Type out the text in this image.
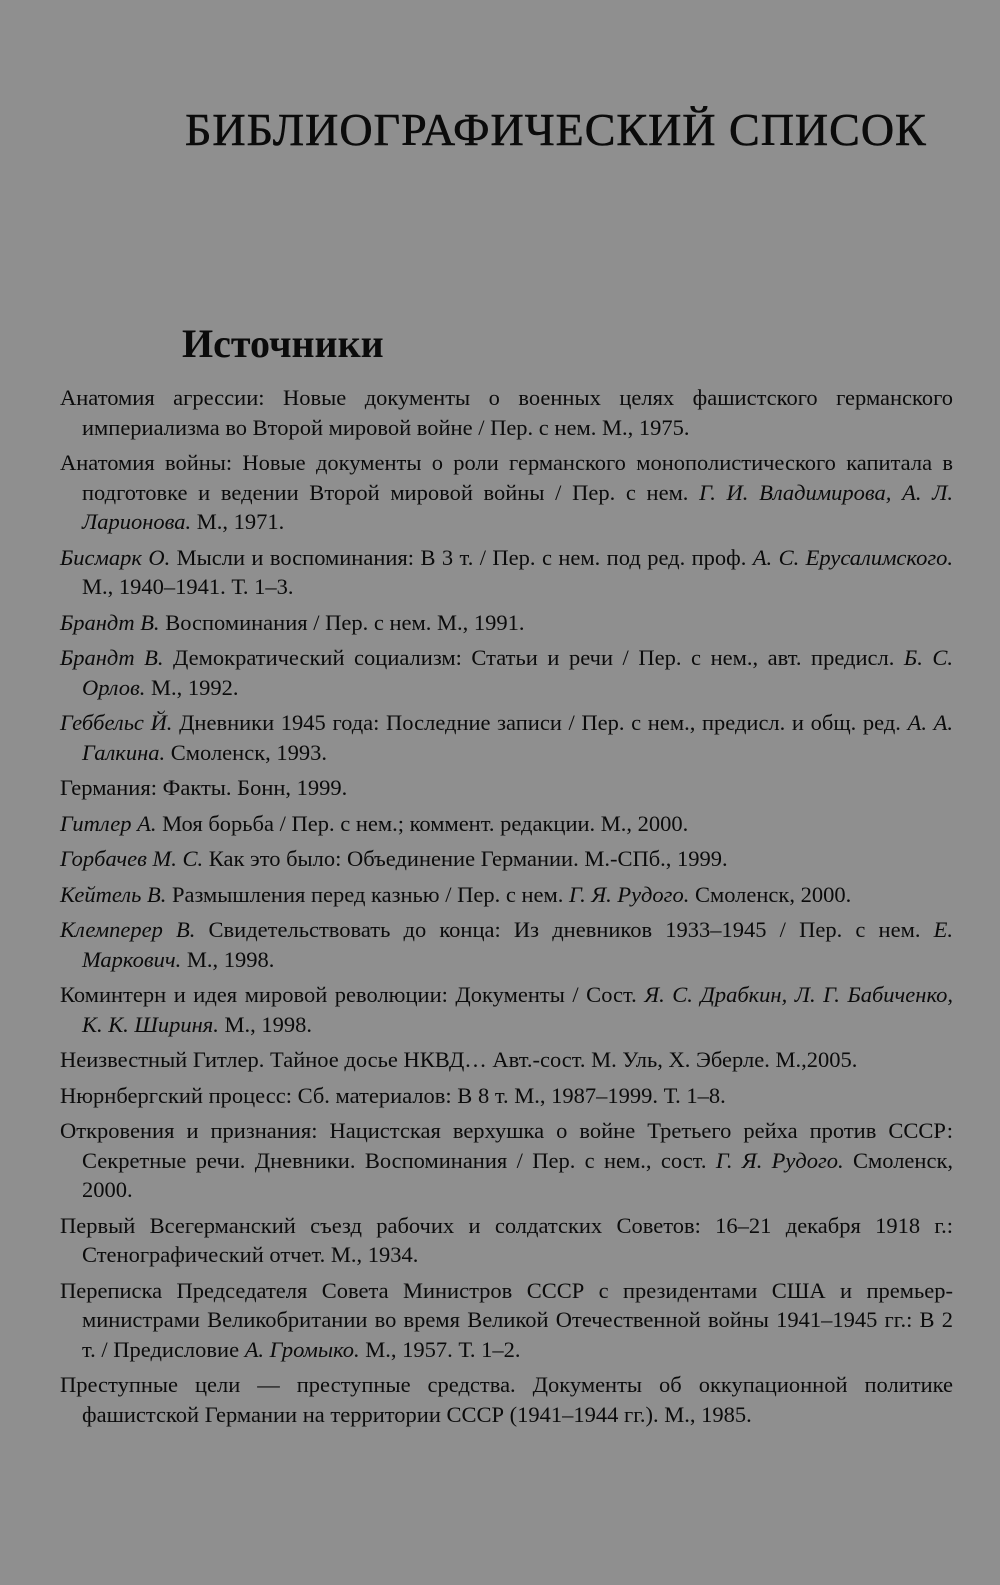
БИБЛИОГРАФИЧЕСКИЙ СПИСОК
Источники
Анатомия агрессии: Новые документы о военных целях фашистского германского империализма во Второй мировой войне / Пер. с нем. М., 1975.
Анатомия войны: Новые документы о роли германского монополистического капитала в подготовке и ведении Второй мировой войны / Пер. с нем. Г. И. Владимирова, А. Л. Ларионова. М., 1971.
Бисмарк О. Мысли и воспоминания: В 3 т. / Пер. с нем. под ред. проф. А. С. Ерусалимского. М., 1940–1941. Т. 1–3.
Брандт В. Воспоминания / Пер. с нем. М., 1991.
Брандт В. Демократический социализм: Статьи и речи / Пер. с нем., авт. предисл. Б. С. Орлов. М., 1992.
Геббельс Й. Дневники 1945 года: Последние записи / Пер. с нем., предисл. и общ. ред. А. А. Галкина. Смоленск, 1993.
Германия: Факты. Бонн, 1999.
Гитлер А. Моя борьба / Пер. с нем.; коммент. редакции. М., 2000.
Горбачев М. С. Как это было: Объединение Германии. М.-СПб., 1999.
Кейтель В. Размышления перед казнью / Пер. с нем. Г. Я. Рудого. Смоленск, 2000.
Клемперер В. Свидетельствовать до конца: Из дневников 1933–1945 / Пер. с нем. Е. Маркович. М., 1998.
Коминтерн и идея мировой революции: Документы / Сост. Я. С. Драбкин, Л. Г. Бабиченко, К. К. Шириня. М., 1998.
Неизвестный Гитлер. Тайное досье НКВД… Авт.-сост. М. Уль, Х. Эберле. М.,2005.
Нюрнбергский процесс: Сб. материалов: В 8 т. М., 1987–1999. Т. 1–8.
Откровения и признания: Нацистская верхушка о войне Третьего рейха против СССР: Секретные речи. Дневники. Воспоминания / Пер. с нем., сост. Г. Я. Рудого. Смоленск, 2000.
Первый Всегерманский съезд рабочих и солдатских Советов: 16–21 декабря 1918 г.: Стенографический отчет. М., 1934.
Переписка Председателя Совета Министров СССР с президентами США и премьер-министрами Великобритании во время Великой Отечественной войны 1941–1945 гг.: В 2 т. / Предисловие А. Громыко. М., 1957. Т. 1–2.
Преступные цели — преступные средства. Документы об оккупационной политике фашистской Германии на территории СССР (1941–1944 гг.). М., 1985.
